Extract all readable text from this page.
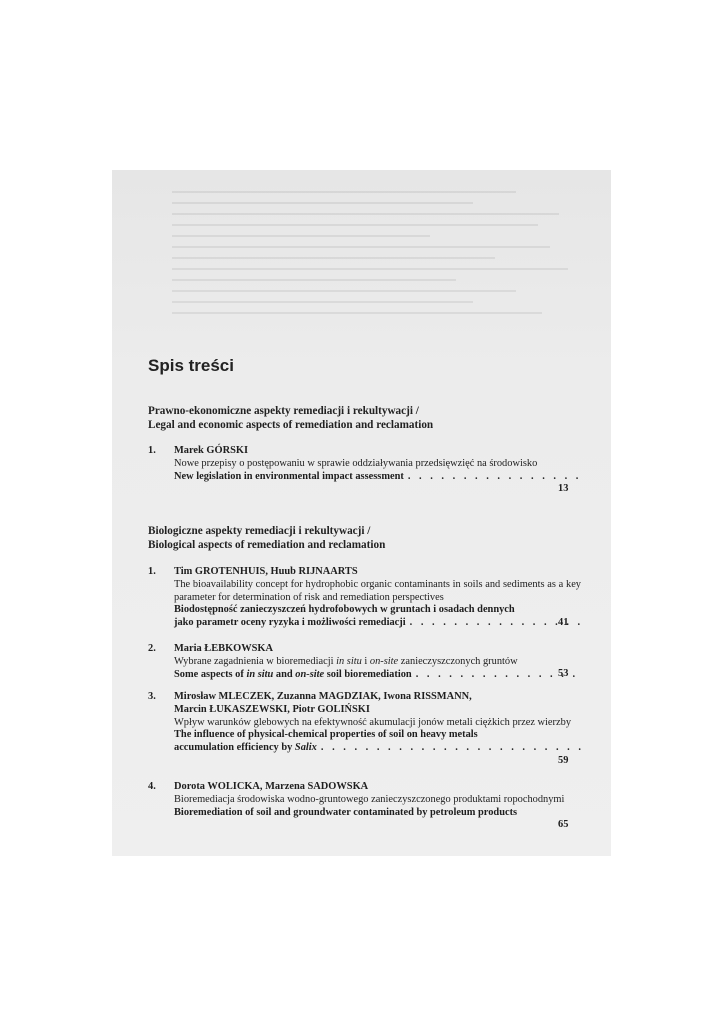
Spis treści
Prawno-ekonomiczne aspekty remediacji i rekultywacji /
Legal and economic aspects of remediation and reclamation
1. Marek GÓRSKI
Nowe przepisy o postępowaniu w sprawie oddziaływania przedsięwzięć na środowisko
New legislation in environmental impact assessment
. . .
13
Biologiczne aspekty remediacji i rekultywacji /
Biological aspects of remediation and reclamation
1. Tim GROTENHUIS, Huub RIJNAARTS
The bioavailability concept for hydrophobic organic contaminants in soils and sediments as a key parameter for determination of risk and remediation perspectives
Biodostępność zanieczyszczeń hydrofobowych w gruntach i osadach dennych
jako parametr oceny ryzyka i możliwości remediacji . . .	41
2. Maria ŁEBKOWSKA
Wybrane zagadnienia w bioremediacji in situ i on-site zanieczyszczonych gruntów
Some aspects of in situ and on-site soil bioremediation . . .	53
3. Mirosław MLECZEK, Zuzanna MAGDZIAK, Iwona RISSMANN,
Marcin ŁUKASZEWSKI, Piotr GOLIŃSKI
Wpływ warunków glebowych na efektywność akumulacji jonów metali ciężkich przez wierzby
The influence of physical-chemical properties of soil on heavy metals
accumulation efficiency by Salix
. . .
59
4. Dorota WOLICKA, Marzena SADOWSKA
Bioremediacja środowiska wodno-gruntowego zanieczyszczonego produktami ropochodnymi
Bioremediation of soil and groundwater contaminated by petroleum products
65
